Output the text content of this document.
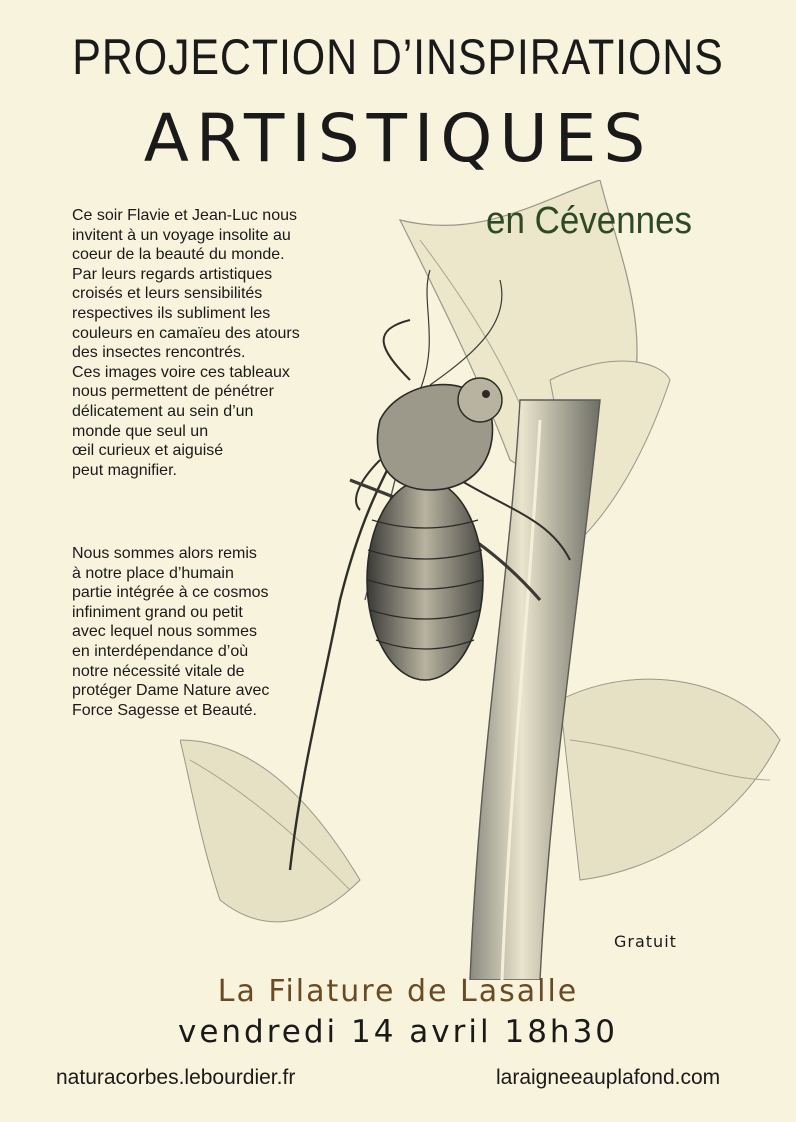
PROJECTION D’INSPIRATIONS
ARTISTIQUES
en Cévennes
Ce soir Flavie et Jean-Luc nous
invitent à un voyage insolite au
coeur de la beauté du monde.
Par leurs regards artistiques
croisés et leurs sensibilités
respectives ils subliment les
couleurs en camaïeu des atours
des insectes rencontrés.
Ces images voire ces tableaux
nous permettent de pénétrer
délicatement au sein d’un
monde que seul un
œil curieux et aiguisé
peut magnifier.
Nous sommes alors remis
à notre place d’humain
partie intégrée à ce cosmos
infiniment grand ou petit
avec lequel nous sommes
en interdépendance d’où
notre nécessité vitale de
protéger Dame Nature avec
Force Sagesse et Beauté.
Gratuit
La Filature de Lasalle
vendredi 14 avril 18h30
naturacorbes.lebourdier.fr	laraigneeauplafond.com
